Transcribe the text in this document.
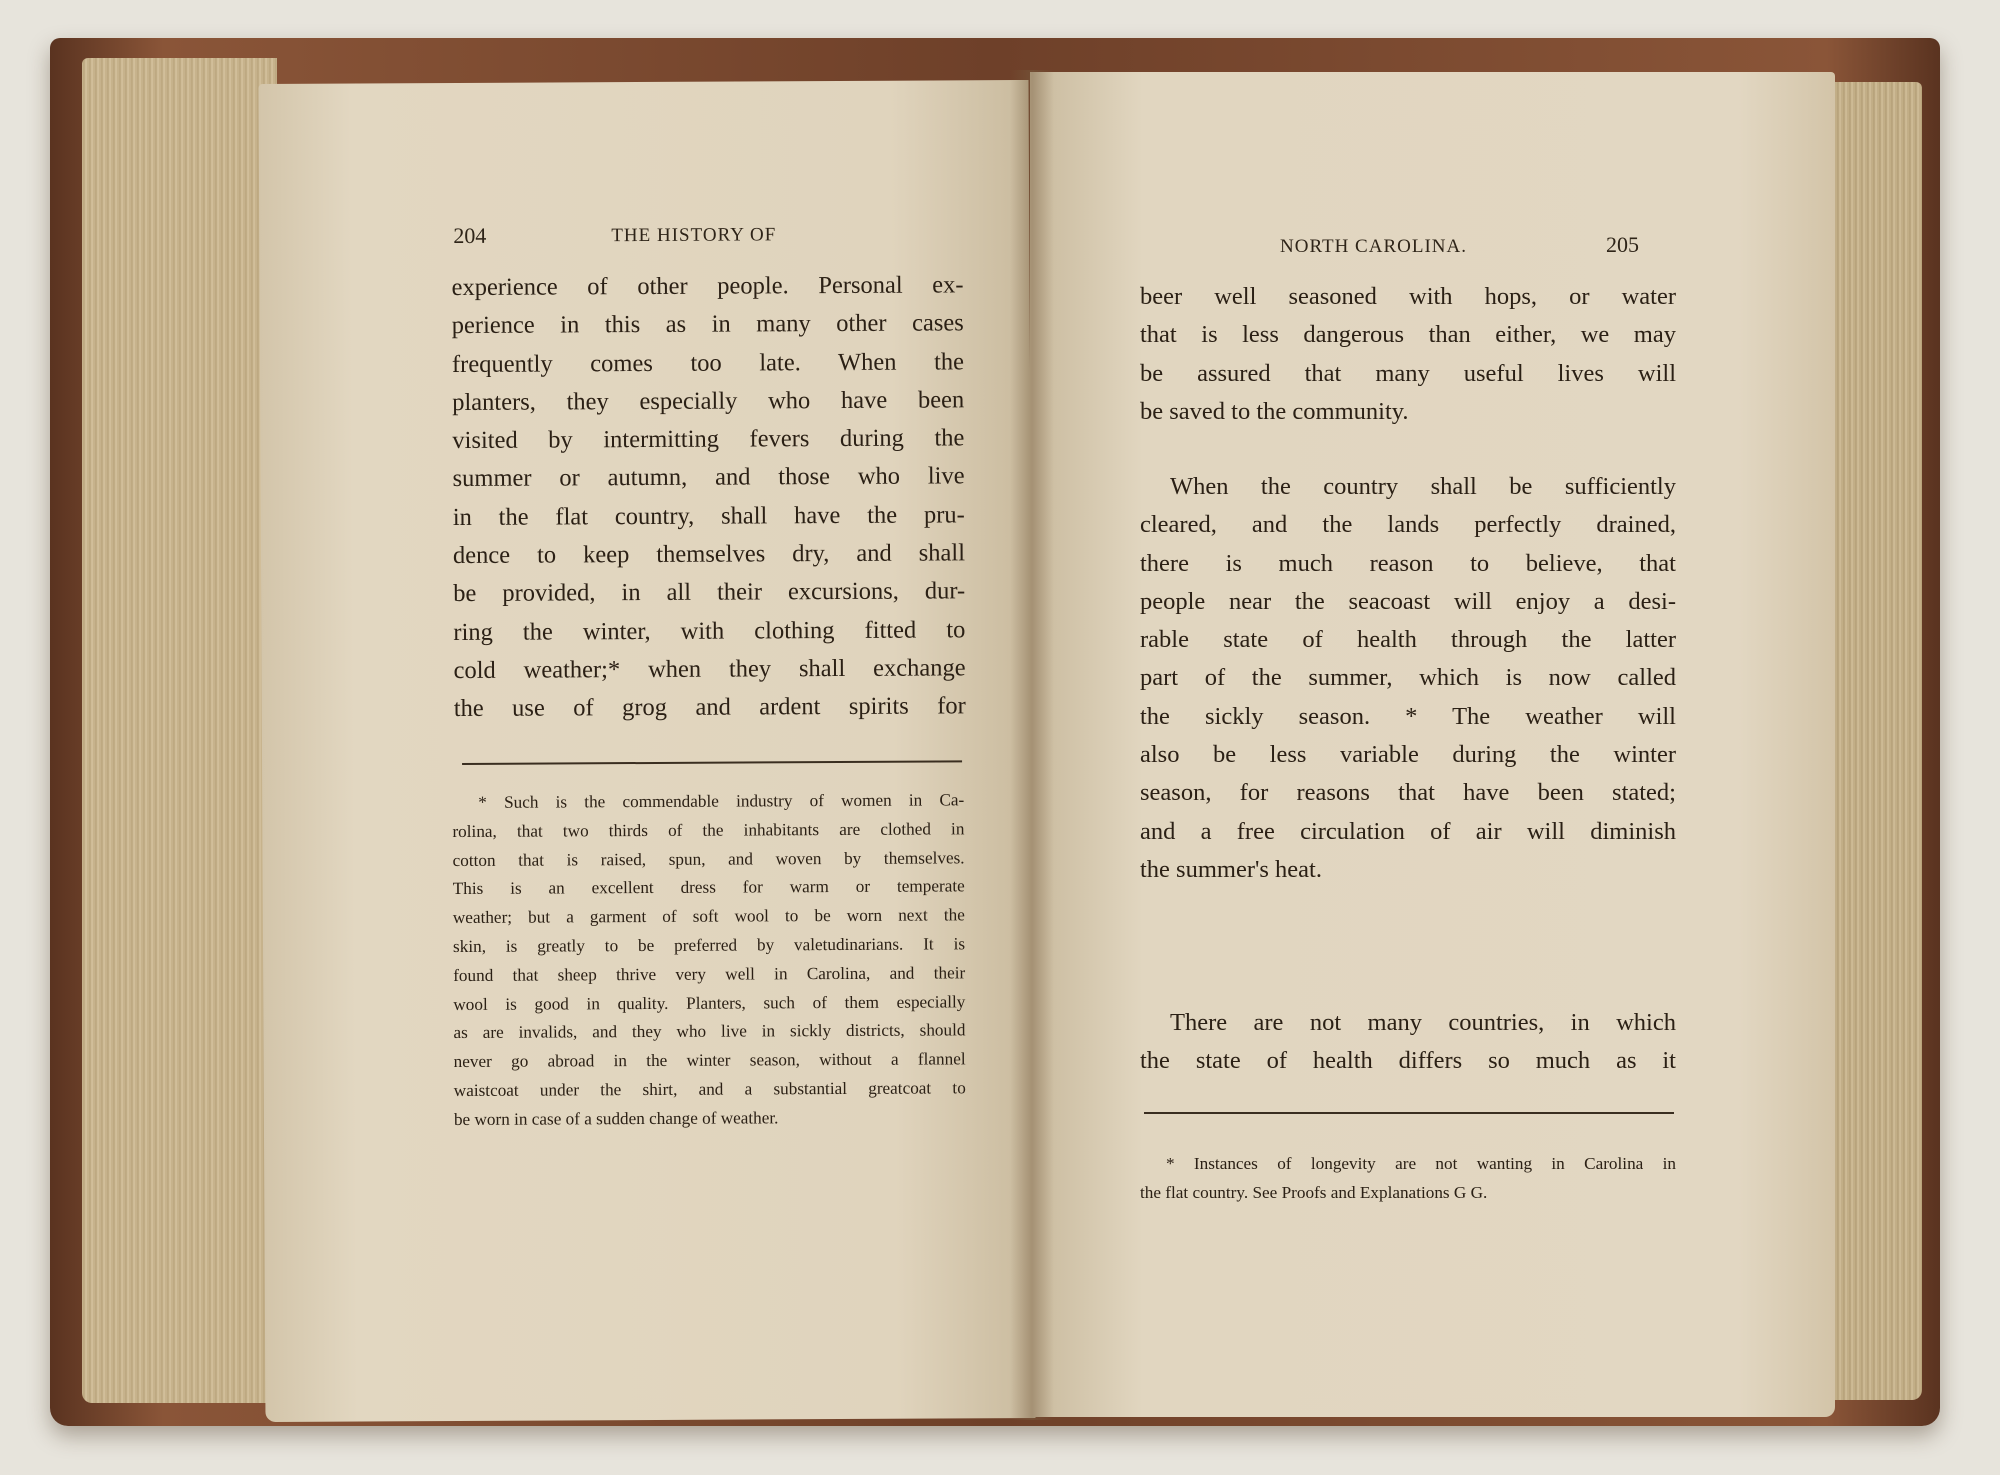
204	THE HISTORY OF
experience of other people. Personal ex-
perience in this as in many other cases
frequently comes too late. When the
planters, they especially who have been
visited by intermitting fevers during the
summer or autumn, and those who live
in the flat country, shall have the pru-
dence to keep themselves dry, and shall
be provided, in all their excursions, dur-
ring the winter, with clothing fitted to
cold weather;* when they shall exchange
the use of grog and ardent spirits for
* Such is the commendable industry of women in Ca-
rolina, that two thirds of the inhabitants are clothed in
cotton that is raised, spun, and woven by themselves.
This is an excellent dress for warm or temperate
weather; but a garment of soft wool to be worn next the
skin, is greatly to be preferred by valetudinarians. It is
found that sheep thrive very well in Carolina, and their
wool is good in quality. Planters, such of them especially
as are invalids, and they who live in sickly districts, should
never go abroad in the winter season, without a flannel
waistcoat under the shirt, and a substantial greatcoat to
be worn in case of a sudden change of weather.
NORTH CAROLINA.	205
beer well seasoned with hops, or water
that is less dangerous than either, we may
be assured that many useful lives will
be saved to the community.
When the country shall be sufficiently
cleared, and the lands perfectly drained,
there is much reason to believe, that
people near the seacoast will enjoy a desi-
rable state of health through the latter
part of the summer, which is now called
the sickly season. * The weather will
also be less variable during the winter
season, for reasons that have been stated;
and a free circulation of air will diminish
the summer's heat.
There are not many countries, in which
the state of health differs so much as it
* Instances of longevity are not wanting in Carolina in
the flat country. See Proofs and Explanations G G.
